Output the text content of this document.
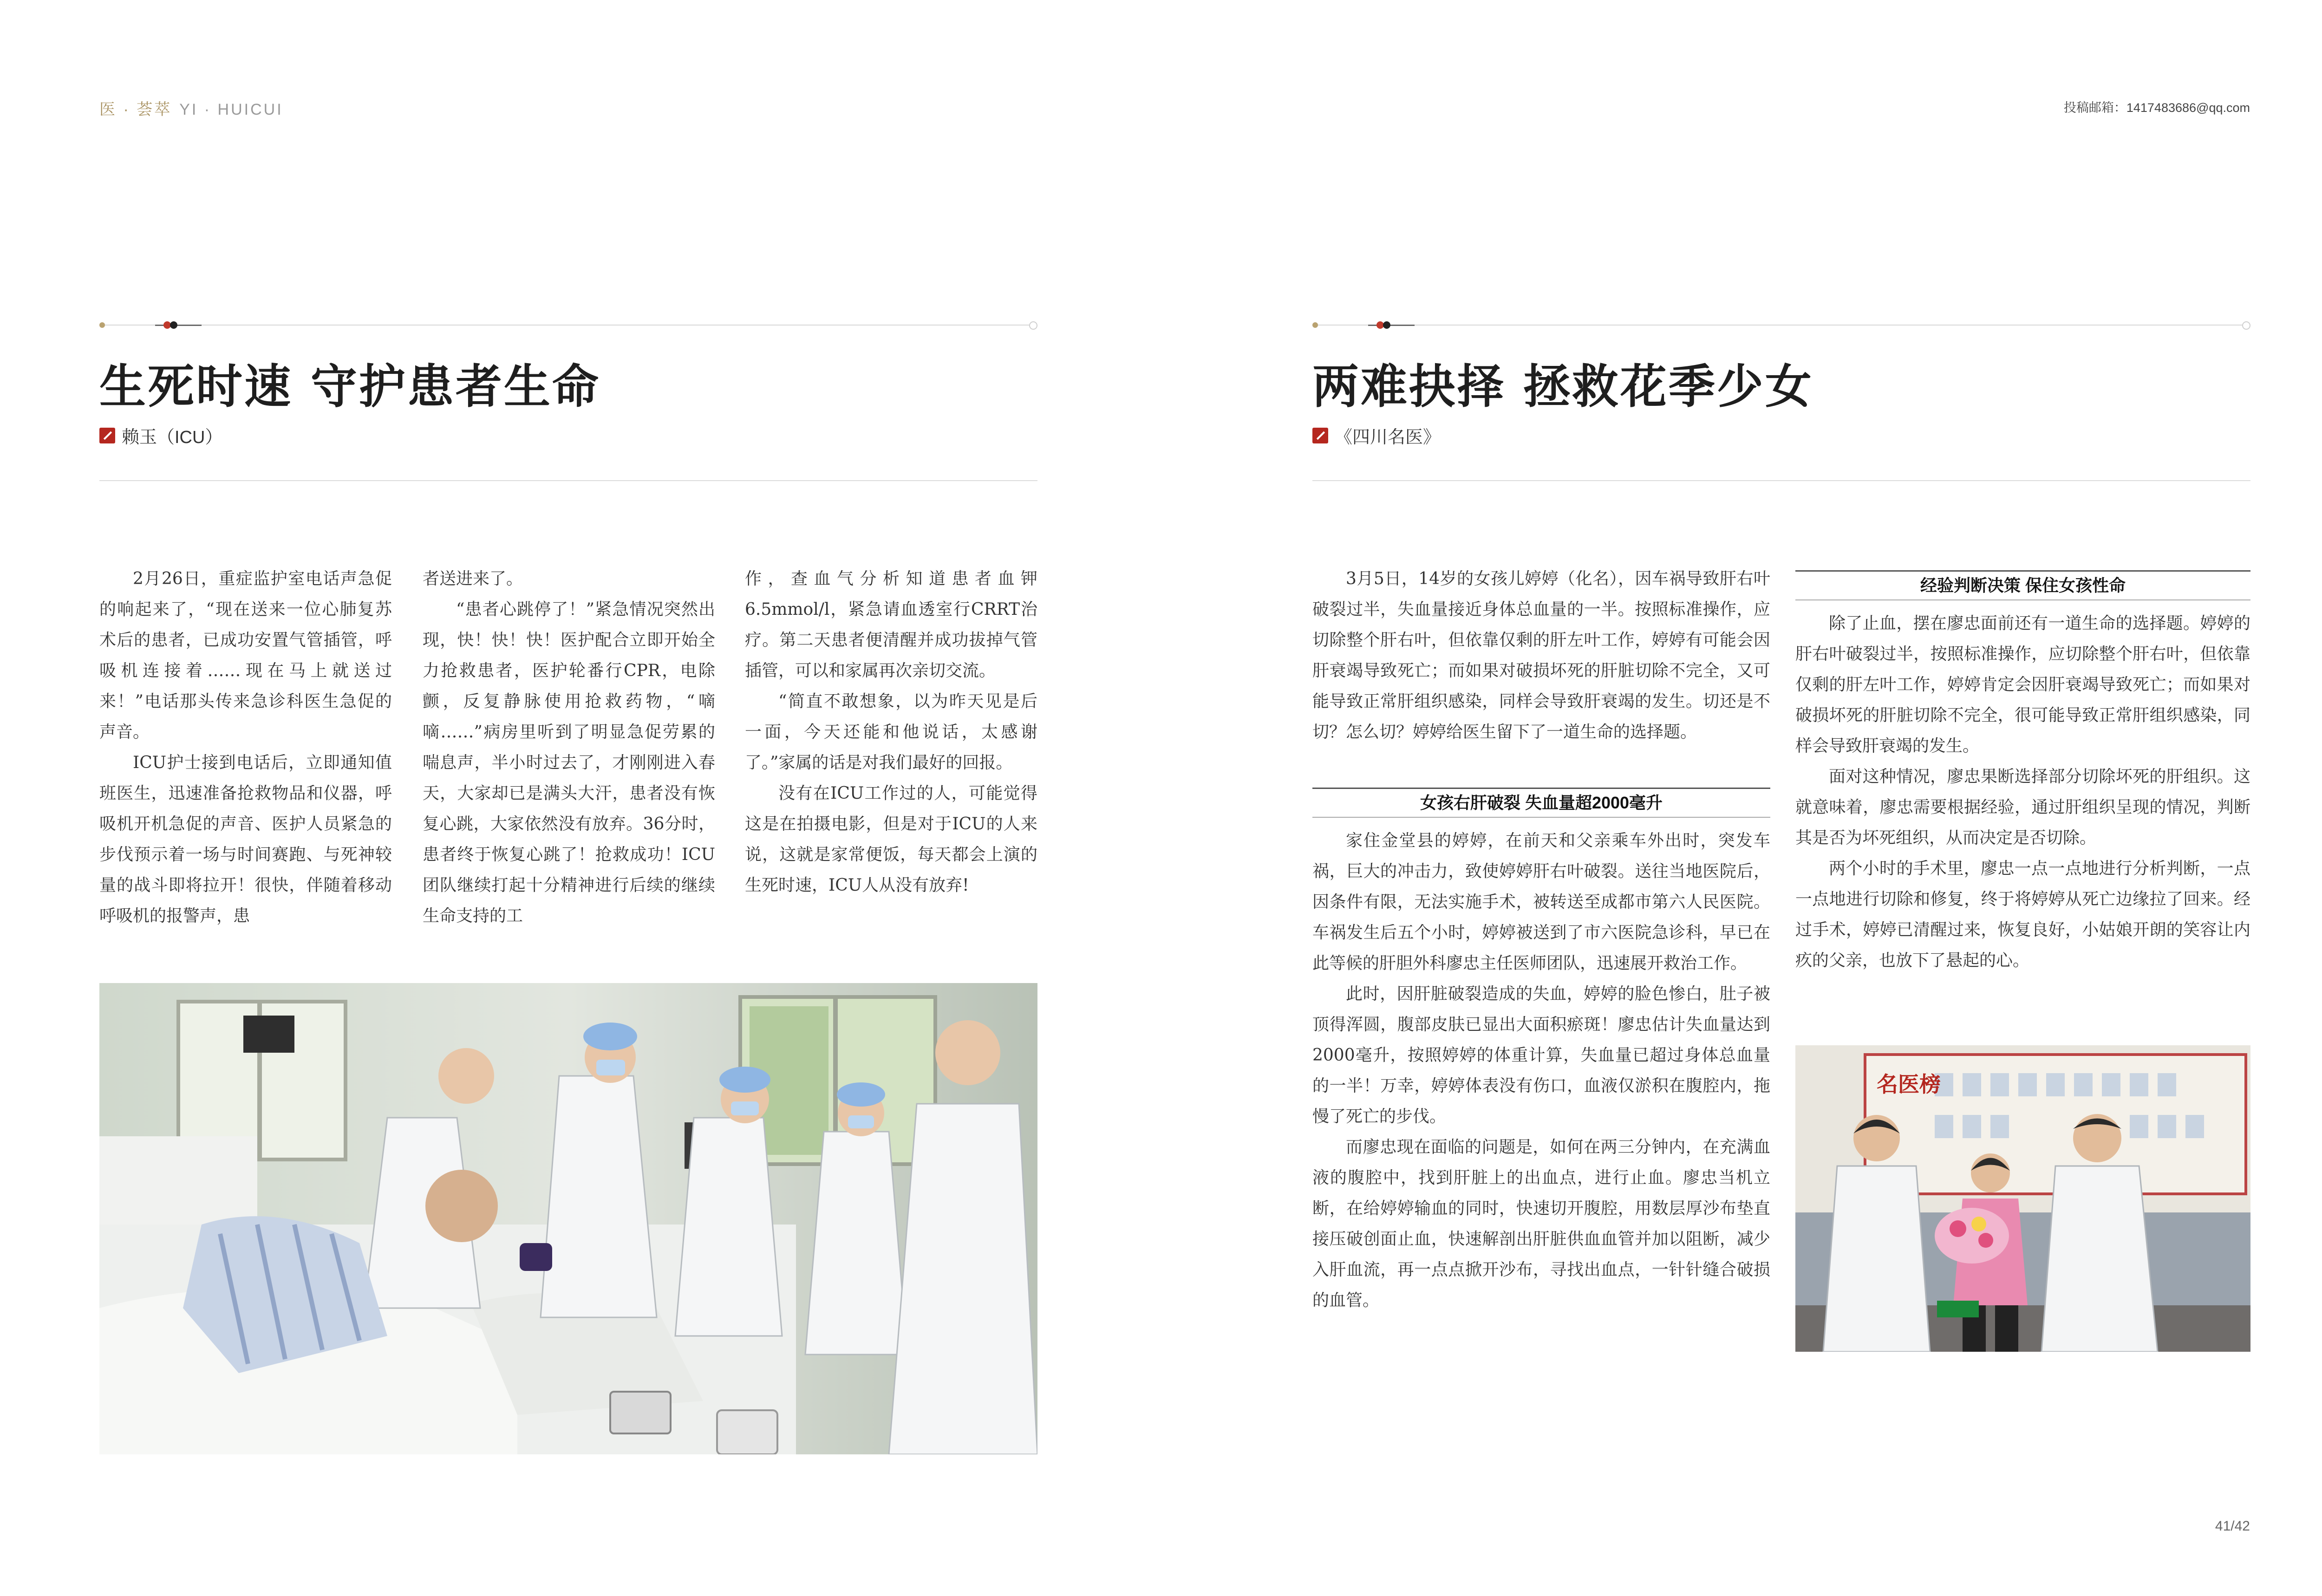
医 · 荟萃 YI · HUICUI	投稿邮箱：1417483686@qq.com
生死时速 守护患者生命
赖玉（ICU）

2月26日，重症监护室电话声急促的响起来了，“现在送来一位心肺复苏术后的患者，已成功安置气管插管，呼吸机连接着……现在马上就送过来！”电话那头传来急诊科医生急促的声音。

ICU护士接到电话后，立即通知值班医生，迅速准备抢救物品和仪器，呼吸机开机急促的声音、医护人员紧急的步伐预示着一场与时间赛跑、与死神较量的战斗即将拉开！很快，伴随着移动呼吸机的报警声，患

者送进来了。

“患者心跳停了！”紧急情况突然出现，快！快！快！医护配合立即开始全力抢救患者，医护轮番行CPR，电除颤，反复静脉使用抢救药物，“嘀嘀……”病房里听到了明显急促劳累的喘息声，半小时过去了，才刚刚进入春天，大家却已是满头大汗，患者没有恢复心跳，大家依然没有放弃。36分时，患者终于恢复心跳了！抢救成功！ICU团队继续打起十分精神进行后续的继续生命支持的工

作，查血气分析知道患者血钾6.5mmol/l，紧急请血透室行CRRT治疗。第二天患者便清醒并成功拔掉气管插管，可以和家属再次亲切交流。

“简直不敢想象，以为昨天见是后一面，今天还能和他说话，太感谢了。”家属的话是对我们最好的回报。

没有在ICU工作过的人，可能觉得这是在拍摄电影，但是对于ICU的人来说，这就是家常便饭，每天都会上演的生死时速，ICU人从没有放弃!

两难抉择 拯救花季少女
《四川名医》

3月5日，14岁的女孩儿婷婷（化名），因车祸导致肝右叶破裂过半，失血量接近身体总血量的一半。按照标准操作，应切除整个肝右叶，但依靠仅剩的肝左叶工作，婷婷有可能会因肝衰竭导致死亡；而如果对破损坏死的肝脏切除不完全，又可能导致正常肝组织感染，同样会导致肝衰竭的发生。切还是不切？怎么切？婷婷给医生留下了一道生命的选择题。

女孩右肝破裂 失血量超2000毫升

家住金堂县的婷婷，在前天和父亲乘车外出时，突发车祸，巨大的冲击力，致使婷婷肝右叶破裂。送往当地医院后，因条件有限，无法实施手术，被转送至成都市第六人民医院。车祸发生后五个小时，婷婷被送到了市六医院急诊科，早已在此等候的肝胆外科廖忠主任医师团队，迅速展开救治工作。

此时，因肝脏破裂造成的失血，婷婷的脸色惨白，肚子被顶得浑圆，腹部皮肤已显出大面积瘀斑！廖忠估计失血量达到2000毫升，按照婷婷的体重计算，失血量已超过身体总血量的一半！万幸，婷婷体表没有伤口，血液仅淤积在腹腔内，拖慢了死亡的步伐。

而廖忠现在面临的问题是，如何在两三分钟内，在充满血液的腹腔中，找到肝脏上的出血点，进行止血。廖忠当机立断，在给婷婷输血的同时，快速切开腹腔，用数层厚沙布垫直接压破创面止血，快速解剖出肝脏供血血管并加以阻断，减少入肝血流，再一点点掀开沙布，寻找出血点，一针针缝合破损的血管。

经验判断决策 保住女孩性命

除了止血，摆在廖忠面前还有一道生命的选择题。婷婷的肝右叶破裂过半，按照标准操作，应切除整个肝右叶，但依靠仅剩的肝左叶工作，婷婷肯定会因肝衰竭导致死亡；而如果对破损坏死的肝脏切除不完全，很可能导致正常肝组织感染，同样会导致肝衰竭的发生。

面对这种情况，廖忠果断选择部分切除坏死的肝组织。这就意味着，廖忠需要根据经验，通过肝组织呈现的情况，判断其是否为坏死组织，从而决定是否切除。

两个小时的手术里，廖忠一点一点地进行分析判断，一点一点地进行切除和修复，终于将婷婷从死亡边缘拉了回来。经过手术，婷婷已清醒过来，恢复良好，小姑娘开朗的笑容让内疚的父亲，也放下了悬起的心。

名医榜
41/42
